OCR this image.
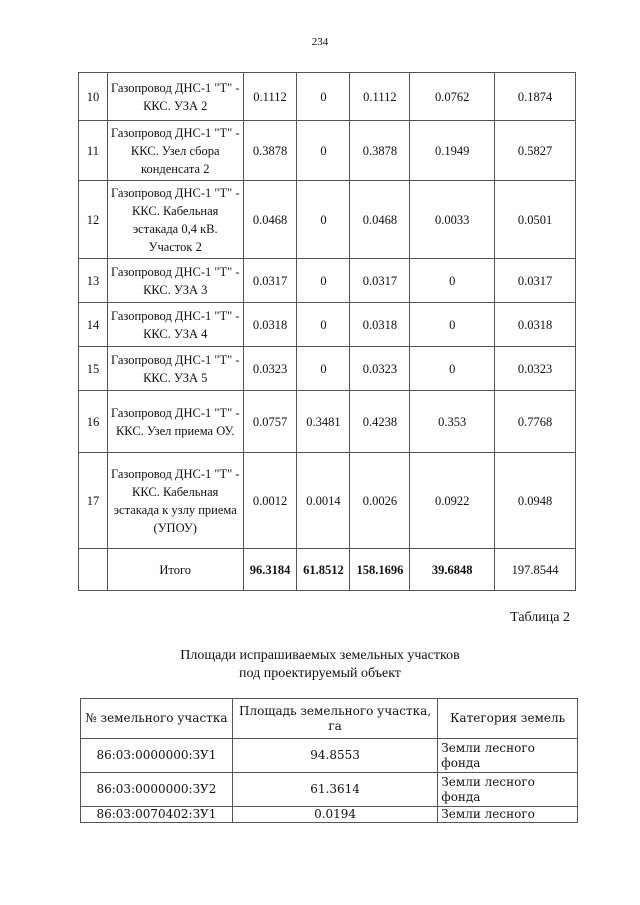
234
10	Газопровод ДНС-1 "Т" - ККС. УЗА 2	0.1112	0	0.1112	0.0762	0.1874
11	Газопровод ДНС-1 "Т" - ККС. Узел сбора конденсата 2	0.3878	0	0.3878	0.1949	0.5827
12	Газопровод ДНС-1 "Т" - ККС. Кабельная эстакада 0,4 кВ. Участок 2	0.0468	0	0.0468	0.0033	0.0501
13	Газопровод ДНС-1 "Т" - ККС. УЗА 3	0.0317	0	0.0317	0	0.0317
14	Газопровод ДНС-1 "Т" - ККС. УЗА 4	0.0318	0	0.0318	0	0.0318
15	Газопровод ДНС-1 "Т" - ККС. УЗА 5	0.0323	0	0.0323	0	0.0323
16	Газопровод ДНС-1 "Т" - ККС. Узел приема ОУ.	0.0757	0.3481	0.4238	0.353	0.7768
17	Газопровод ДНС-1 "Т" - ККС. Кабельная эстакада к узлу приема (УПОУ)	0.0012	0.0014	0.0026	0.0922	0.0948
	Итого	96.3184	61.8512	158.1696	39.6848	197.8544
Таблица 2
Площади испрашиваемых земельных участков
под проектируемый объект
№ земельного участка	Площадь земельного участка, га	Категория земель
86:03:0000000:ЗУ1	94.8553	Земли лесного фонда
86:03:0000000:ЗУ2	61.3614	Земли лесного фонда
86:03:0070402:ЗУ1	0.0194	Земли лесного
